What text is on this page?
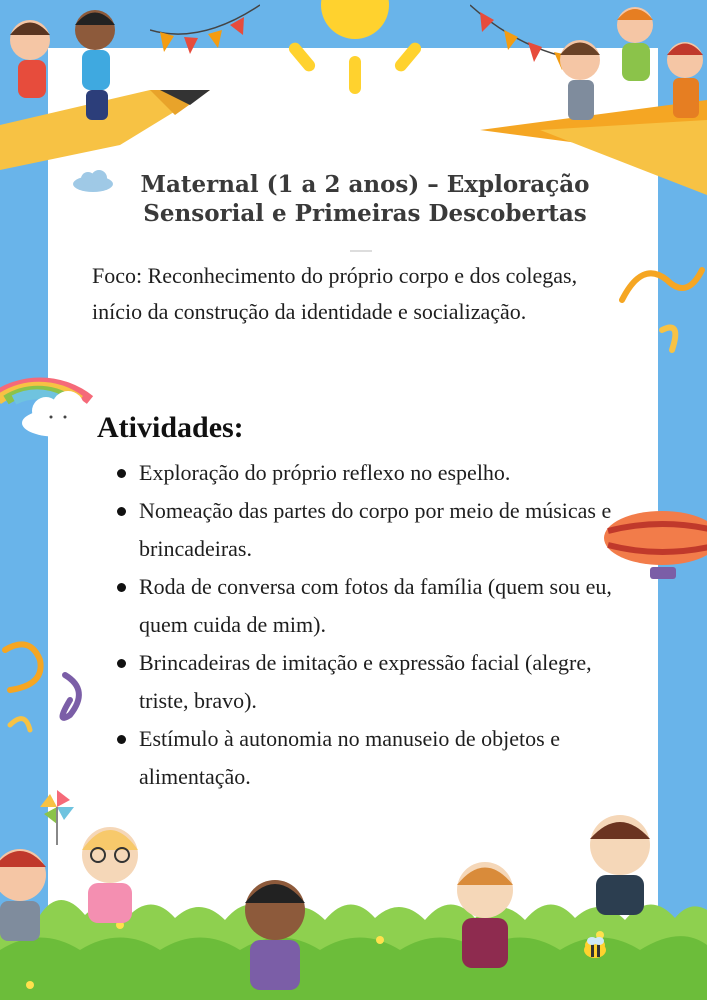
Maternal (1 a 2 anos) – Exploração Sensorial e Primeiras Descobertas

Foco: Reconhecimento do próprio corpo e dos colegas, início da construção da identidade e socialização.

Atividades:
Exploração do próprio reflexo no espelho.
Nomeação das partes do corpo por meio de músicas e brincadeiras.
Roda de conversa com fotos da família (quem sou eu, quem cuida de mim).
Brincadeiras de imitação e expressão facial (alegre, triste, bravo).
Estímulo à autonomia no manuseio de objetos e alimentação.
